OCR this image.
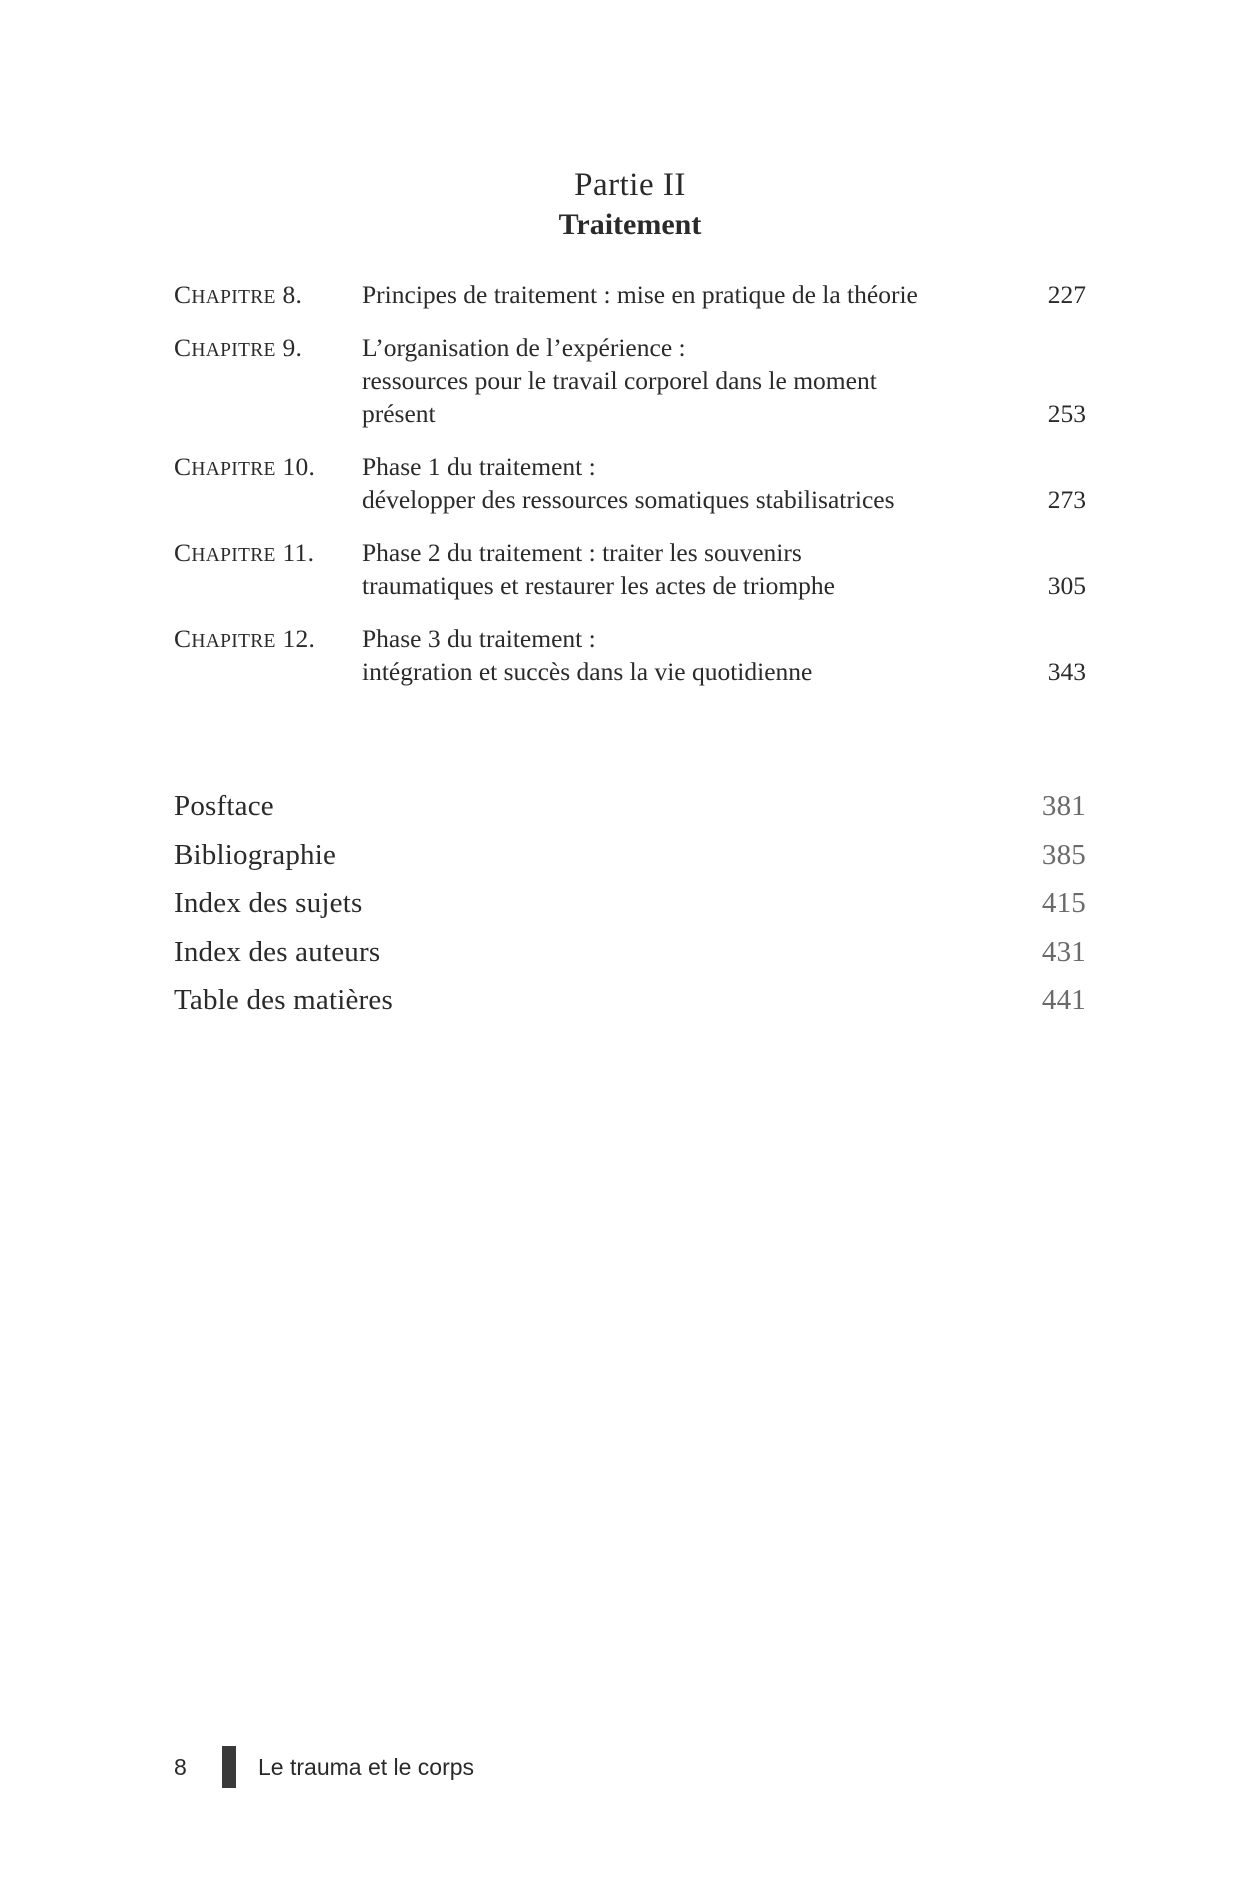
Partie II
Traitement
CHAPITRE 8.	Principes de traitement : mise en pratique de la théorie	227
CHAPITRE 9.	L’organisation de l’expérience :
ressources pour le travail corporel dans le moment
présent	253
CHAPITRE 10.	Phase 1 du traitement :
développer des ressources somatiques stabilisatrices	273
CHAPITRE 11.	Phase 2 du traitement : traiter les souvenirs
traumatiques et restaurer les actes de triomphe	305
CHAPITRE 12.	Phase 3 du traitement :
intégration et succès dans la vie quotidienne	343
Posftace	381
Bibliographie	385
Index des sujets	415
Index des auteurs	431
Table des matières	441
8	Le trauma et le corps
